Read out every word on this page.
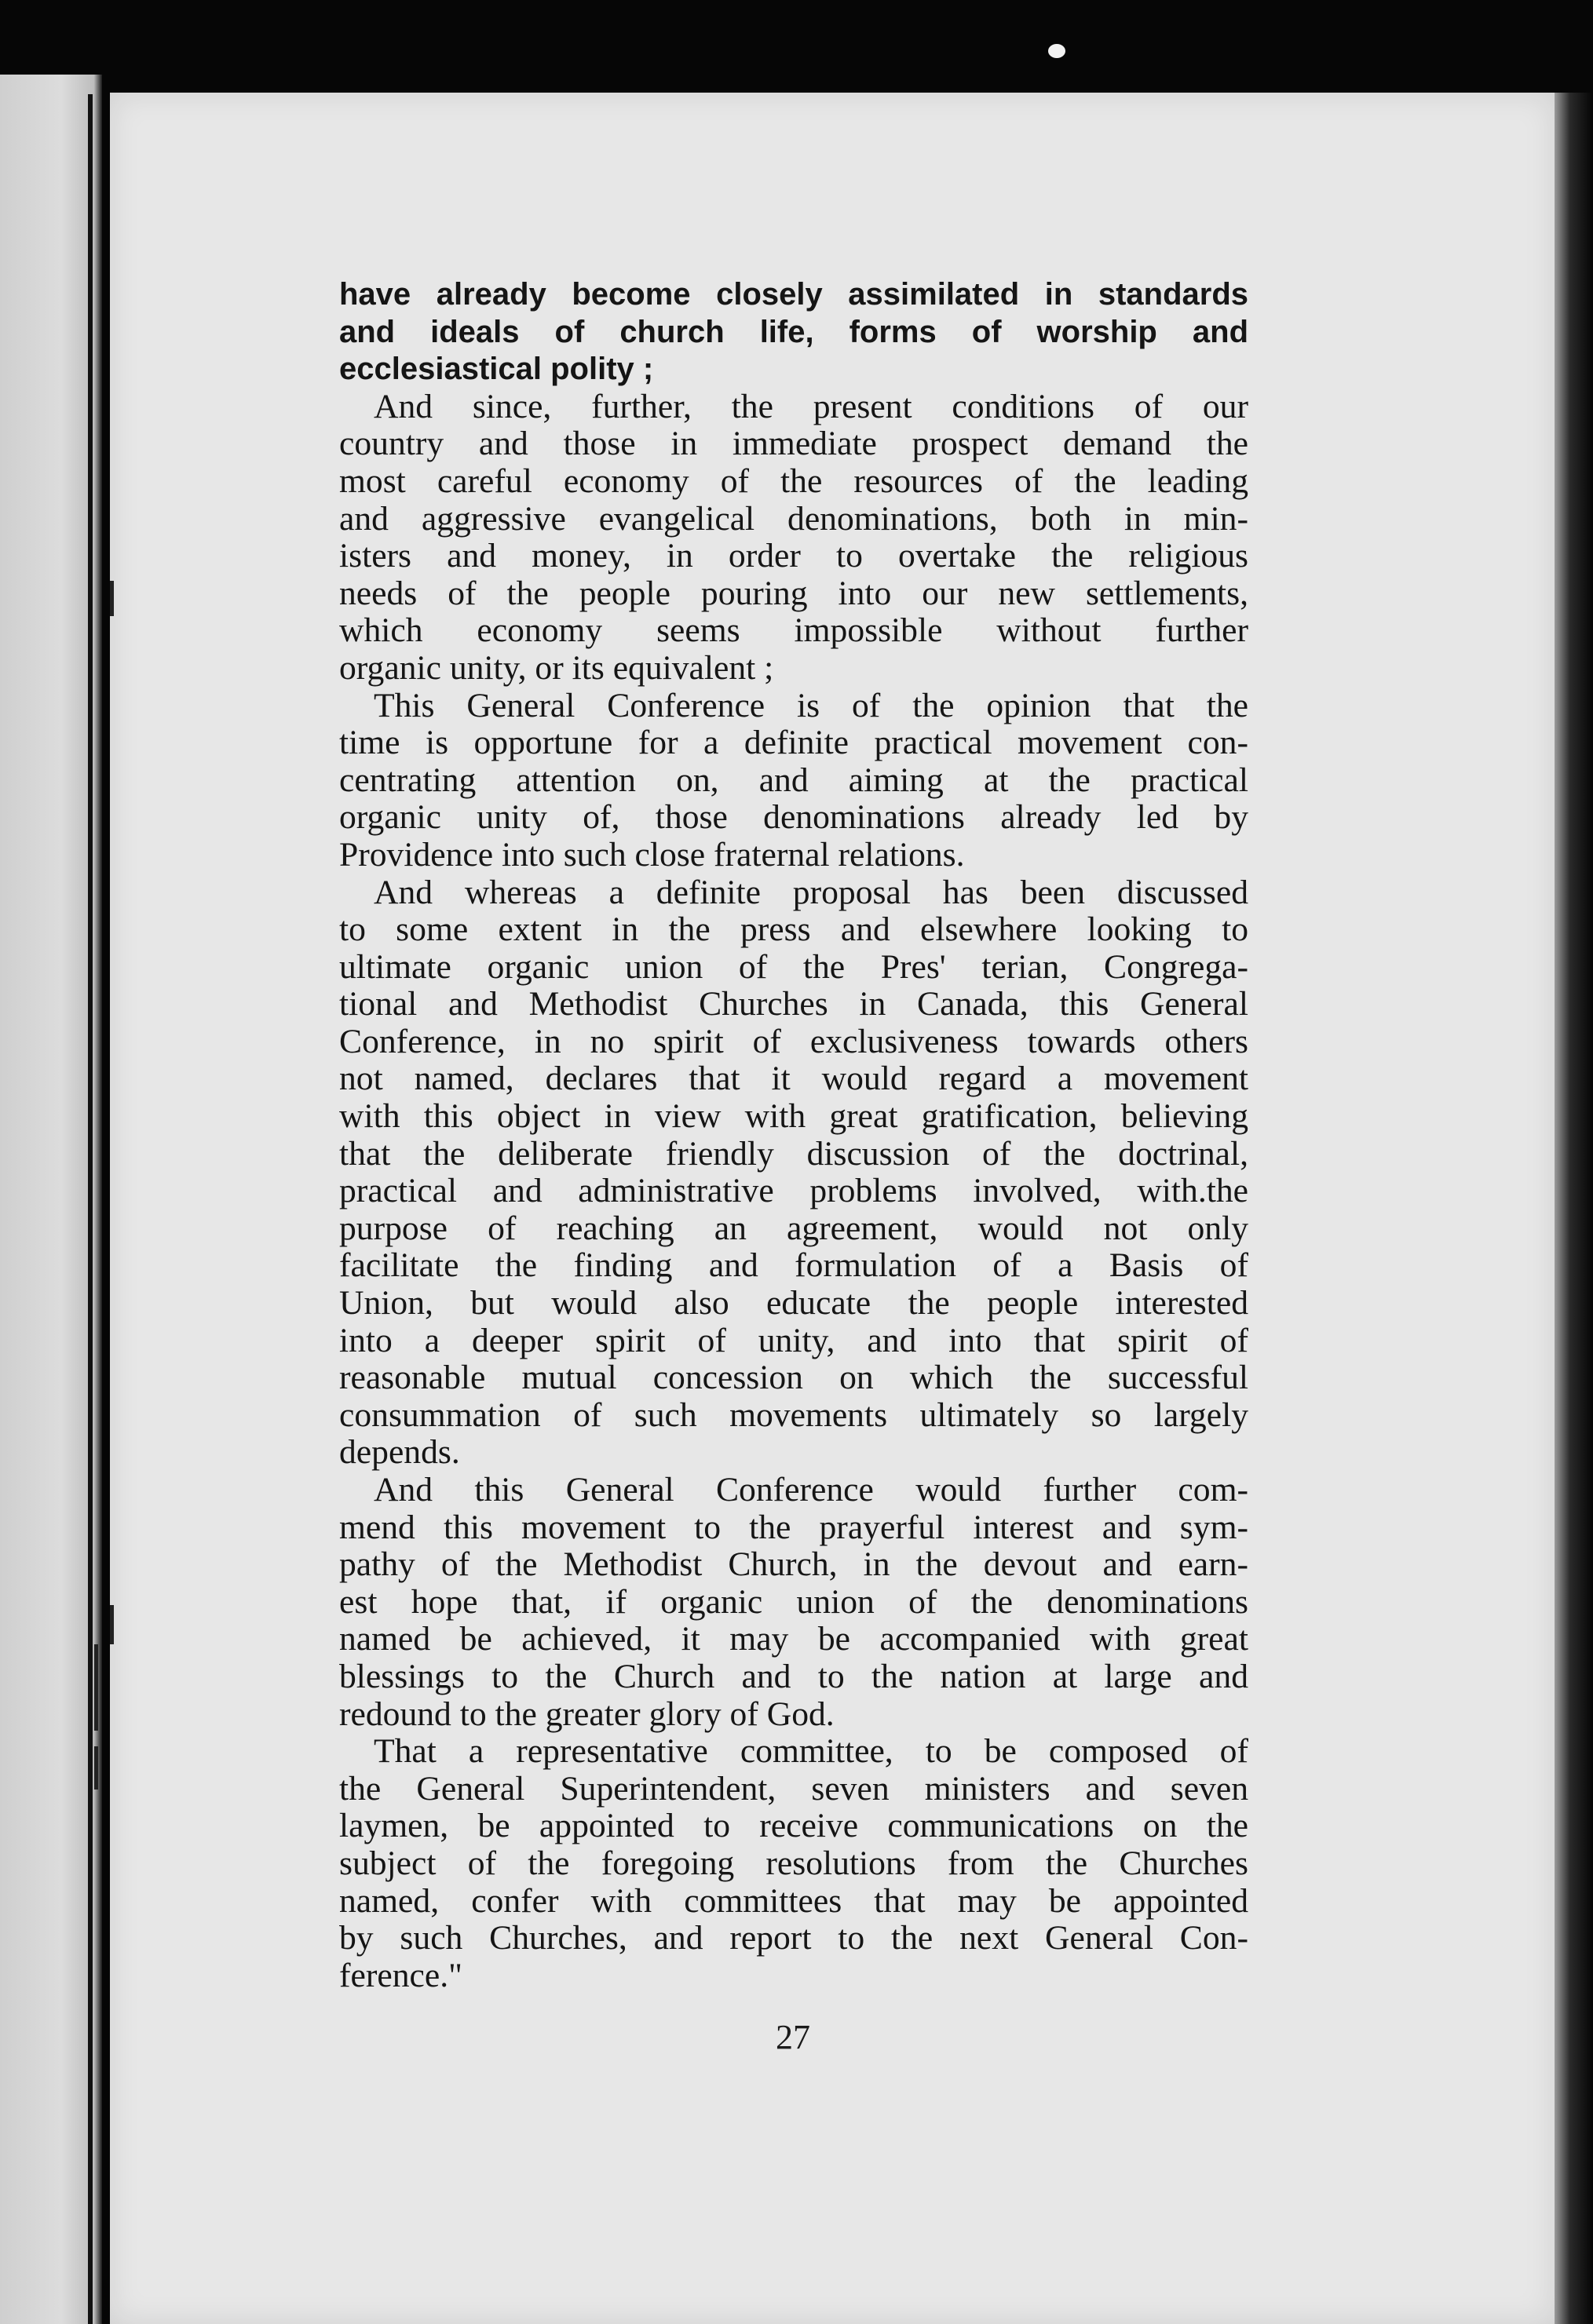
have already become closely assimilated in standards
and ideals of church life, forms of worship and
ecclesiastical polity ;
And since, further, the present conditions of our
country and those in immediate prospect demand the
most careful economy of the resources of the leading
and aggressive evangelical denominations, both in min-
isters and money, in order to overtake the religious
needs of the people pouring into our new settlements,
which economy seems impossible without further
organic unity, or its equivalent ;
This General Conference is of the opinion that the
time is opportune for a definite practical movement con-
centrating attention on, and aiming at the practical
organic unity of, those denominations already led by
Providence into such close fraternal relations.
And whereas a definite proposal has been discussed
to some extent in the press and elsewhere looking to
ultimate organic union of the Pres' terian, Congrega-
tional and Methodist Churches in Canada, this General
Conference, in no spirit of exclusiveness towards others
not named, declares that it would regard a movement
with this object in view with great gratification, believing
that the deliberate friendly discussion of the doctrinal,
practical and administrative problems involved, with.the
purpose of reaching an agreement, would not only
facilitate the finding and formulation of a Basis of
Union, but would also educate the people interested
into a deeper spirit of unity, and into that spirit of
reasonable mutual concession on which the successful
consummation of such movements ultimately so largely
depends.
And this General Conference would further com-
mend this movement to the prayerful interest and sym-
pathy of the Methodist Church, in the devout and earn-
est hope that, if organic union of the denominations
named be achieved, it may be accompanied with great
blessings to the Church and to the nation at large and
redound to the greater glory of God.
That a representative committee, to be composed of
the General Superintendent, seven ministers and seven
laymen, be appointed to receive communications on the
subject of the foregoing resolutions from the Churches
named, confer with committees that may be appointed
by such Churches, and report to the next General Con-
ference."
27
